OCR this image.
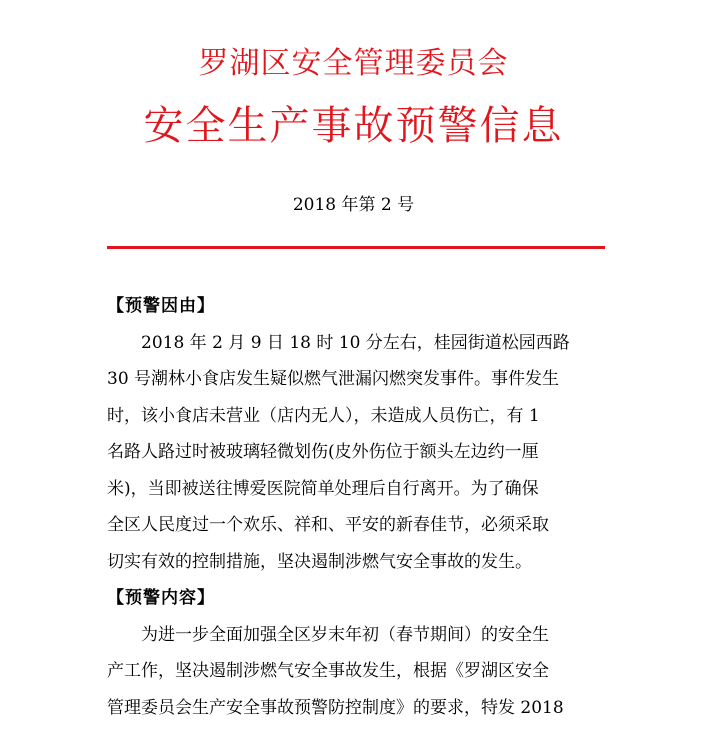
罗湖区安全管理委员会
安全生产事故预警信息
2018 年第 2 号
【预警因由】
2018 年 2 月 9 日 18 时 10 分左右，桂园街道松园西路
30 号潮林小食店发生疑似燃气泄漏闪燃突发事件。事件发生
时，该小食店未营业（店内无人），未造成人员伤亡，有 1
名路人路过时被玻璃轻微划伤(皮外伤位于额头左边约一厘
米)，当即被送往博爱医院简单处理后自行离开。为了确保
全区人民度过一个欢乐、祥和、平安的新春佳节，必须采取
切实有效的控制措施，坚决遏制涉燃气安全事故的发生。
【预警内容】
为进一步全面加强全区岁末年初（春节期间）的安全生
产工作，坚决遏制涉燃气安全事故发生，根据《罗湖区安全
管理委员会生产安全事故预警防控制度》的要求，特发 2018
